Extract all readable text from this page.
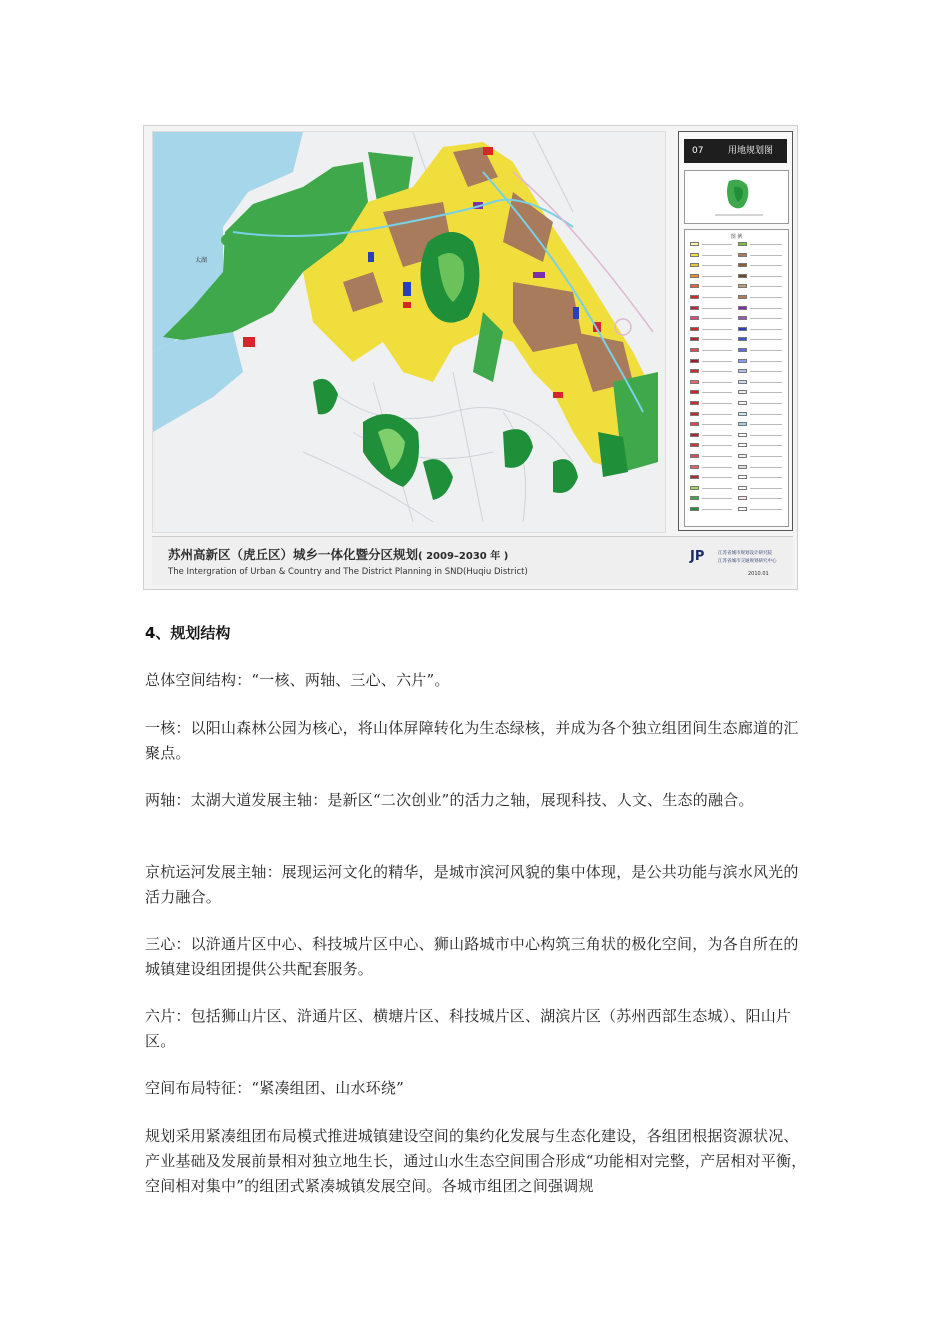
太湖
07	用地规划图
图 例
苏州高新区（虎丘区）城乡一体化暨分区规划( 2009–2030 年 )
The Intergration of Urban & Country and The District Planning in SND(Huqiu District)
JP	江苏省城市规划设计研究院
江苏省城市交通规划研究中心
2010.01
4、规划结构

总体空间结构：“一核、两轴、三心、六片”。

一核：以阳山森林公园为核心，将山体屏障转化为生态绿核，并成为各个独立组团间生态廊道的汇聚点。

两轴：太湖大道发展主轴：是新区“二次创业”的活力之轴，展现科技、人文、生态的融合。

京杭运河发展主轴：展现运河文化的精华，是城市滨河风貌的集中体现，是公共功能与滨水风光的活力融合。

三心：以浒通片区中心、科技城片区中心、狮山路城市中心构筑三角状的极化空间，为各自所在的城镇建设组团提供公共配套服务。

六片：包括狮山片区、浒通片区、横塘片区、科技城片区、湖滨片区（苏州西部生态城）、阳山片区。

空间布局特征：“紧凑组团、山水环绕”

规划采用紧凑组团布局模式推进城镇建设空间的集约化发展与生态化建设，各组团根据资源状况、产业基础及发展前景相对独立地生长，通过山水生态空间围合形成“功能相对完整，产居相对平衡，空间相对集中”的组团式紧凑城镇发展空间。各城市组团之间强调规
